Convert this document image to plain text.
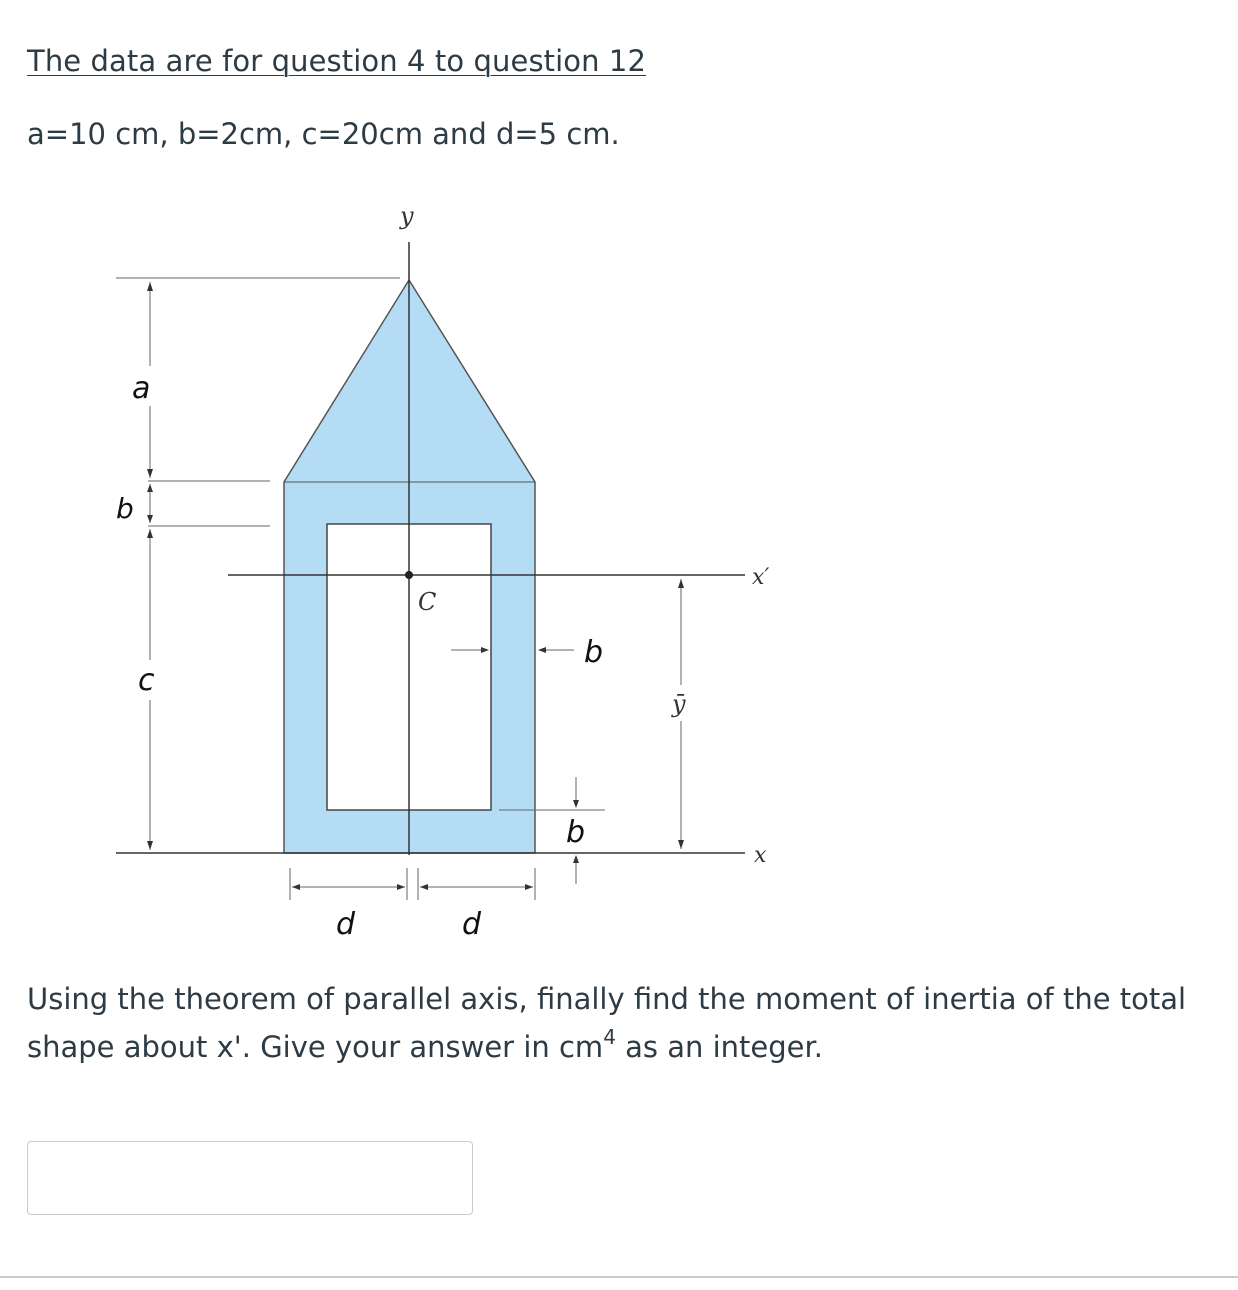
The data are for question 4 to question 12
a=10 cm, b=2cm, c=20cm and d=5 cm.
y
x′
C
x
a
b
c
b
ȳ
b
d	d
Using the theorem of parallel axis, finally find the moment of inertia of the total shape about x'. Give your answer in $cm^4$ as an integer.
